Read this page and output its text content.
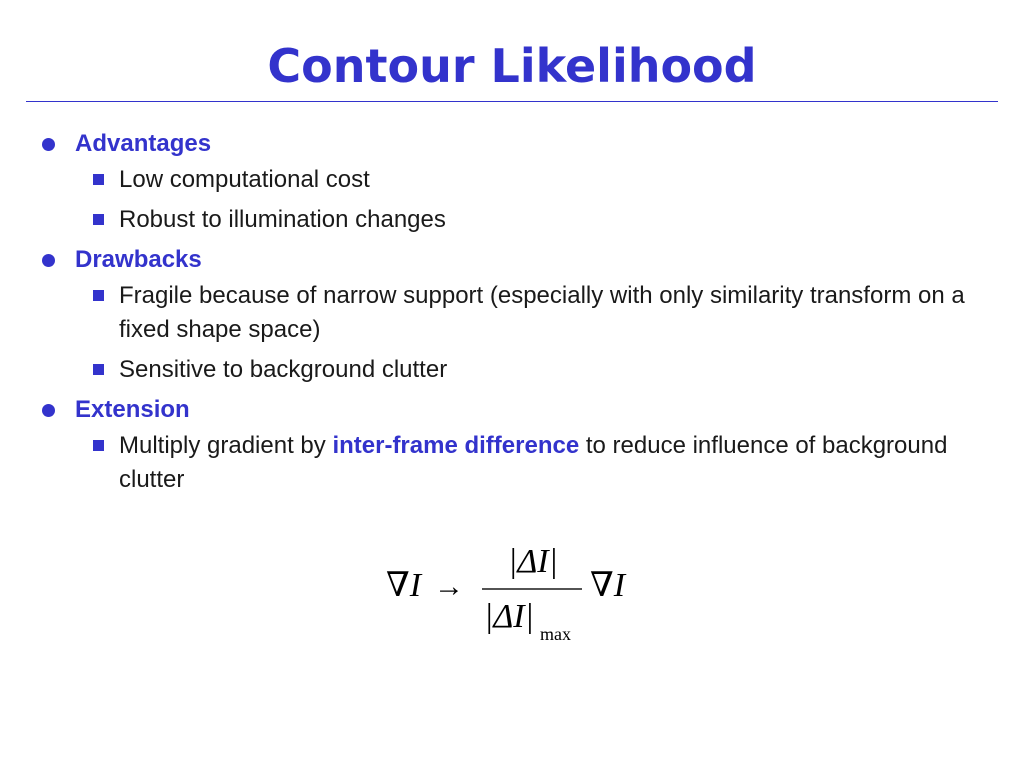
Contour Likelihood
Advantages
Low computational cost
Robust to illumination changes
Drawbacks
Fragile because of narrow support (especially with only similarity transform on a fixed shape space)
Sensitive to background clutter
Extension
Multiply gradient by inter-frame difference to reduce influence of background clutter
∇I →
|ΔI|
|ΔI| max
∇I
